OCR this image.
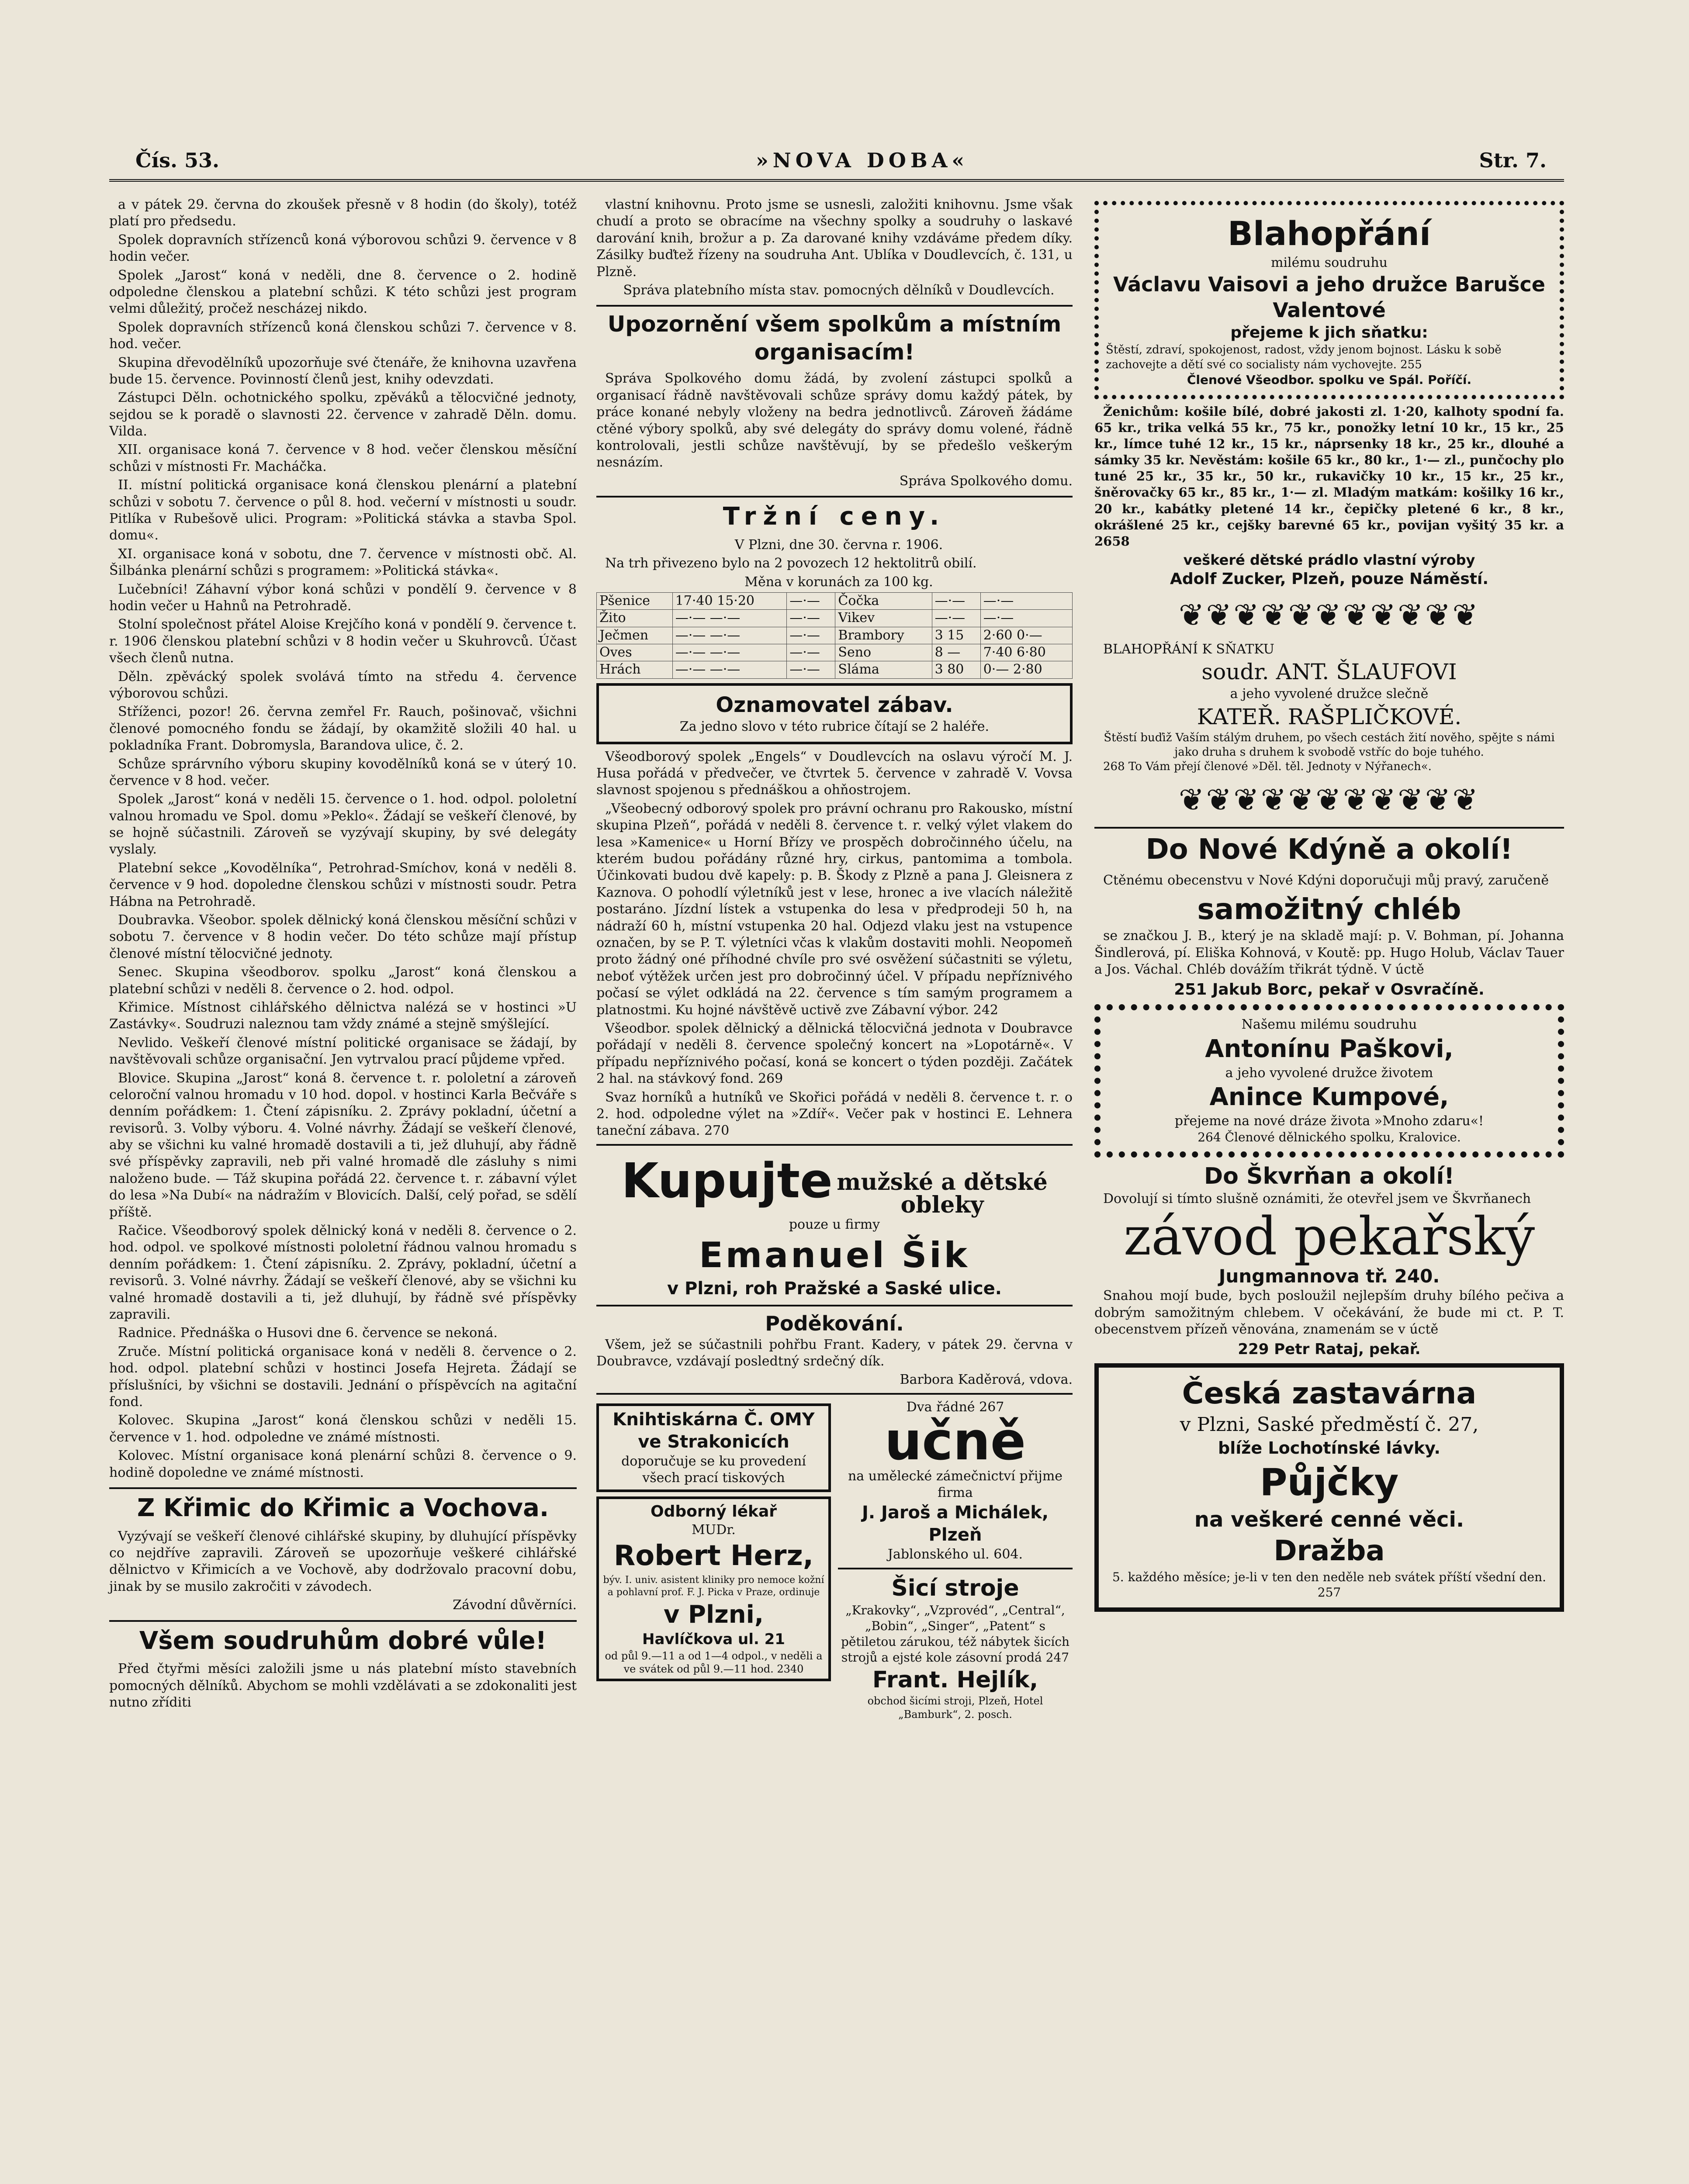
Čís. 53.	»NOVA DOBA«	Str. 7.

a v pátek 29. června do zkoušek přesně v 8 hodin (do školy), totéž platí pro předsedu.

Spolek dopravních střízenců koná výborovou schůzi 9. července v 8 hodin večer.

Spolek „Jarost“ koná v neděli, dne 8. července o 2. hodině odpoledne členskou a platební schůzi. K této schůzi jest program velmi důležitý, pročež nescházej nikdo.

Spolek dopravních střízenců koná členskou schůzi 7. července v 8. hod. večer.

Skupina dřevodělníků upozorňuje své čtenáře, že knihovna uzavřena bude 15. července. Povinností členů jest, knihy odevzdati.

Zástupci Děln. ochotnického spolku, zpěváků a tělocvičné jednoty, sejdou se k poradě o slavnosti 22. července v zahradě Děln. domu. Vilda.

XII. organisace koná 7. července v 8 hod. večer členskou měsíční schůzi v místnosti Fr. Macháčka.

II. místní politická organisace koná členskou plenární a platební schůzi v sobotu 7. července o půl 8. hod. večerní v místnosti u soudr. Pitlíka v Rubešově ulici. Program: »Politická stávka a stavba Spol. domu«.

XI. organisace koná v sobotu, dne 7. července v místnosti obč. Al. Šilbánka plenární schůzi s programem: »Politická stávka«.

Lučebníci! Záhavní výbor koná schůzi v pondělí 9. července v 8 hodin večer u Hahnů na Petrohradě.

Stolní společnost přátel Aloise Krejčího koná v pondělí 9. července t. r. 1906 členskou platební schůzi v 8 hodin večer u Skuhrovců. Účast všech členů nutna.

Děln. zpěvácký spolek svolává tímto na středu 4. července výborovou schůzi.

Stříženci, pozor! 26. června zemřel Fr. Rauch, pošinovač, všichni členové pomocného fondu se žádají, by okamžitě složili 40 hal. u pokladníka Frant. Dobromysla, Barandova ulice, č. 2.

Schůze sprárvního výboru skupiny kovodělníků koná se v úterý 10. července v 8 hod. večer.

Spolek „Jarost“ koná v neděli 15. července o 1. hod. odpol. pololetní valnou hromadu ve Spol. domu »Peklo«. Žádají se veškeří členové, by se hojně súčastnili. Zároveň se vyzývají skupiny, by své delegáty vyslaly.

Platební sekce „Kovodělníka“, Petrohrad-Smíchov, koná v neděli 8. července v 9 hod. dopoledne členskou schůzi v místnosti soudr. Petra Hábna na Petrohradě.

Doubravka. Všeobor. spolek dělnický koná členskou měsíční schůzi v sobotu 7. července v 8 hodin večer. Do této schůze mají přístup členové místní tělocvičné jednoty.

Senec. Skupina všeodborov. spolku „Jarost“ koná členskou a platební schůzi v neděli 8. července o 2. hod. odpol.

Křimice. Místnost cihlářského dělnictva nalézá se v hostinci »U Zastávky«. Soudruzi naleznou tam vždy známé a stejně smýšlející.

Nevlido. Veškeří členové místní politické organisace se žádají, by navštěvovali schůze organisační. Jen vytrvalou prací půjdeme vpřed.

Blovice. Skupina „Jarost“ koná 8. července t. r. pololetní a zároveň celoroční valnou hromadu v 10 hod. dopol. v hostinci Karla Bečváře s denním pořádkem: 1. Čtení zápisníku. 2. Zprávy pokladní, účetní a revisorů. 3. Volby výboru. 4. Volné návrhy. Žádají se veškeří členové, aby se všichni ku valné hromadě dostavili a ti, jež dluhují, aby řádně své příspěvky zapravili, neb při valné hromadě dle zásluhy s nimi naloženo bude. — Táž skupina pořádá 22. července t. r. zábavní výlet do lesa »Na Dubí« na nádražím v Blovicích. Další, celý pořad, se sdělí příště.

Račice. Všeodborový spolek dělnický koná v neděli 8. července o 2. hod. odpol. ve spolkové místnosti pololetní řádnou valnou hromadu s denním pořádkem: 1. Čtení zápisníku. 2. Zprávy, pokladní, účetní a revisorů. 3. Volné návrhy. Žádají se veškeří členové, aby se všichni ku valné hromadě dostavili a ti, jež dluhují, by řádně své příspěvky zapravili.

Radnice. Přednáška o Husovi dne 6. července se nekoná.

Zruče. Místní politická organisace koná v neděli 8. července o 2. hod. odpol. platební schůzi v hostinci Josefa Hejreta. Žádají se příslušníci, by všichni se dostavili. Jednání o příspěvcích na agitační fond.

Kolovec. Skupina „Jarost“ koná členskou schůzi v neděli 15. července v 1. hod. odpoledne ve známé místnosti.

Kolovec. Místní organisace koná plenární schůzi 8. července o 9. hodině dopoledne ve známé místnosti.

Z Křimic do Křimic a Vochova.

Vyzývají se veškeří členové cihlářské skupiny, by dluhující příspěvky co nejdříve zapravili. Zároveň se upozorňuje veškeré cihlářské dělnictvo v Křimicích a ve Vochově, aby dodržovalo pracovní dobu, jinak by se musilo zakročiti v závodech.

Závodní důvěrníci.

Všem soudruhům dobré vůle!

Před čtyřmi měsíci založili jsme u nás platební místo stavebních pomocných dělníků. Abychom se mohli vzdělávati a se zdokonaliti jest nutno zříditi

vlastní knihovnu. Proto jsme se usnesli, založiti knihovnu. Jsme však chudí a proto se obracíme na všechny spolky a soudruhy o laskavé darování knih, brožur a p. Za darované knihy vzdáváme předem díky. Zásilky buďtež řízeny na soudruha Ant. Ublíka v Doudlevcích, č. 131, u Plzně.

Správa platebního místa stav. pomocných dělníků v Doudlevcích.

Upozornění všem spolkům a místním organisacím!

Správa Spolkového domu žádá, by zvolení zástupci spolků a organisací řádně navštěvovali schůze správy domu každý pátek, by práce konané nebyly vloženy na bedra jednotlivců. Zároveň žádáme ctěné výbory spolků, aby své delegáty do správy domu volené, řádně kontrolovali, jestli schůze navštěvují, by se předešlo veškerým nesnázím.

Správa Spolkového domu.

Tržní ceny.

V Plzni, dne 30. června r. 1906.

Na trh přivezeno bylo na 2 povozech 12 hektolitrů obilí.

Měna v korunách za 100 kg.

Pšenice	17·40 15·20	—·—	Čočka	—·—	—·—
Žito	—·— —·—	—·—	Vikev	—·—	—·—
Ječmen	—·— —·—	—·—	Brambory	3 15	2·60 0·—
Oves	—·— —·—	—·—	Seno	8 —	7·40 6·80
Hrách	—·— —·—	—·—	Sláma	3 80	0·— 2·80
Oznamovatel zábav.
Za jedno slovo v této rubrice čítají se 2 haléře.

Všeodborový spolek „Engels“ v Doudlevcích na oslavu výročí M. J. Husa pořádá v předvečer, ve čtvrtek 5. července v zahradě V. Vovsa slavnost spojenou s přednáškou a ohňostrojem.

„Všeobecný odborový spolek pro právní ochranu pro Rakousko, místní skupina Plzeň“, pořádá v neděli 8. července t. r. velký výlet vlakem do lesa »Kamenice« u Horní Břízy ve prospěch dobročinného účelu, na kterém budou pořádány různé hry, cirkus, pantomima a tombola. Účinkovati budou dvě kapely: p. B. Škody z Plzně a pana J. Gleisnera z Kaznova. O pohodlí výletníků jest v lese, hronec a ive vlacích náležitě postaráno. Jízdní lístek a vstupenka do lesa v předprodeji 50 h, na nádraží 60 h, místní vstupenka 20 hal. Odjezd vlaku jest na vstupence označen, by se P. T. výletníci včas k vlakům dostaviti mohli. Neopomeň proto žádný oné příhodné chvíle pro své osvěžení súčastniti se výletu, neboť výtěžek určen jest pro dobročinný účel. V případu nepříznivého počasí se výlet odkládá na 22. července s tím samým programem a platnostmi. Ku hojné návštěvě uctivě zve Zábavní výbor. 242

Všeodbor. spolek dělnický a dělnická tělocvičná jednota v Doubravce pořádají v neděli 8. července společný koncert na »Lopotárně«. V případu nepříznivého počasí, koná se koncert o týden později. Začátek 2 hal. na stávkový fond. 269

Svaz horníků a hutníků ve Skořici pořádá v neděli 8. července t. r. o 2. hod. odpoledne výlet na »Zdíř«. Večer pak v hostinci E. Lehnera taneční zábava. 270

Kupujte mužské a dětské
obleky
pouze u firmy
Emanuel Šik
v Plzni, roh Pražské a Saské ulice.
Poděkování.

Všem, jež se súčastnili pohřbu Frant. Kadery, v pátek 29. června v Doubravce, vzdávají posledtný srdečný dík.

Barbora Kaděrová, vdova.

Knihtiskárna Č. OMY
ve Strakonicích
doporučuje se ku provedení všech prací tiskových
Odborný lékař
MUDr.
Robert Herz,
býv. I. univ. asistent kliniky pro nemoce kožní a pohlavní prof. F. J. Picka v Praze, ordinuje
v Plzni,
Havlíčkova ul. 21
od půl 9.—11 a od 1—4 odpol., v neděli a ve svátek od půl 9.—11 hod. 2340
Dva řádné 267
učně
na umělecké zámečnictví přijme firma
J. Jaroš a Michálek, Plzeň
Jablonského ul. 604.
Šicí stroje
„Krakovky“, „Vzprovéd“, „Central“, „Bobin“, „Singer“, „Patent“ s pětiletou zárukou, též nábytek šicích strojů a ejsté kole zásovní prodá 247
Frant. Hejlík,
obchod šicími stroji, Plzeň, Hotel „Bamburk“, 2. posch.
Blahopřání
milému soudruhu
Václavu Vaisovi a jeho družce Barušce Valentové
přejeme k jich sňatku:
Štěstí, zdraví, spokojenost, radost, vždy jenom bojnost. Lásku k sobě zachovejte a dětí své co socialisty nám vychovejte. 255
Členové Všeodbor. spolku ve Spál. Poříčí.

Ženichům: košile bílé, dobré jakosti zl. 1·20, kalhoty spodní fa. 65 kr., trika velká 55 kr., 75 kr., ponožky letní 10 kr., 15 kr., 25 kr., límce tuhé 12 kr., 15 kr., náprsenky 18 kr., 25 kr., dlouhé a sámky 35 kr. Nevěstám: košile 65 kr., 80 kr., 1·— zl., punčochy plo tuné 25 kr., 35 kr., 50 kr., rukavičky 10 kr., 15 kr., 25 kr., šněrovačky 65 kr., 85 kr., 1·— zl. Mladým matkám: košilky 16 kr., 20 kr., kabátky pletené 14 kr., čepičky pletené 6 kr., 8 kr., okrášlené 25 kr., cejšky barevné 65 kr., povijan vyšitý 35 kr. a 2658

veškeré dětské prádlo vlastní výroby
Adolf Zucker, Plzeň, pouze Náměstí.
❦❦❦❦❦❦❦❦❦❦❦
BLAHOPŘÁNÍ K SŇATKU
soudr. ANT. ŠLAUFOVI
a jeho vyvolené družce slečně
KATEŘ. RAŠPLIČKOVÉ.
Štěstí buďiž Vaším stálým druhem, po všech cestách žití nověho, spějte s námi jako druha s druhem k svobodě vstříc do boje tuhého.
268 To Vám přejí členové »Děl. těl. Jednoty v Nýřanech«.
❦❦❦❦❦❦❦❦❦❦❦
Do Nové Kdýně a okolí!

Ctěnému obecenstvu v Nové Kdýni doporučuji můj pravý, zaručeně

samožitný chléb

se značkou J. B., který je na skladě mají: p. V. Bohman, pí. Johanna Šindlerová, pí. Eliška Kohnová, v Koutě: pp. Hugo Holub, Václav Tauer a Jos. Váchal. Chléb dovážím třikrát týdně. V úctě

251 Jakub Borc, pekař v Osvračíně.
Našemu milému soudruhu
Antonínu Paškovi,
a jeho vyvolené družce životem
Anince Kumpové,
přejeme na nové dráze života »Mnoho zdaru«!
264 Členové dělnického spolku, Kralovice.
Do Škvrňan a okolí!

Dovolují si tímto slušně oznámiti, že otevřel jsem ve Škvrňanech

závod pekařský
Jungmannova tř. 240.

Snahou mojí bude, bych posloužil nejlepším druhy bílého pečiva a dobrým samožitným chlebem. V očekávání, že bude mi ct. P. T. obecenstvem přízeň věnována, znamenám se v úctě

229 Petr Rataj, pekař.
Česká zastavárna
v Plzni, Saské předměstí č. 27,
blíže Lochotínské lávky.
Půjčky
na veškeré cenné věci.
Dražba
5. každého měsíce; je-li v ten den neděle neb svátek příští všední den. 257
